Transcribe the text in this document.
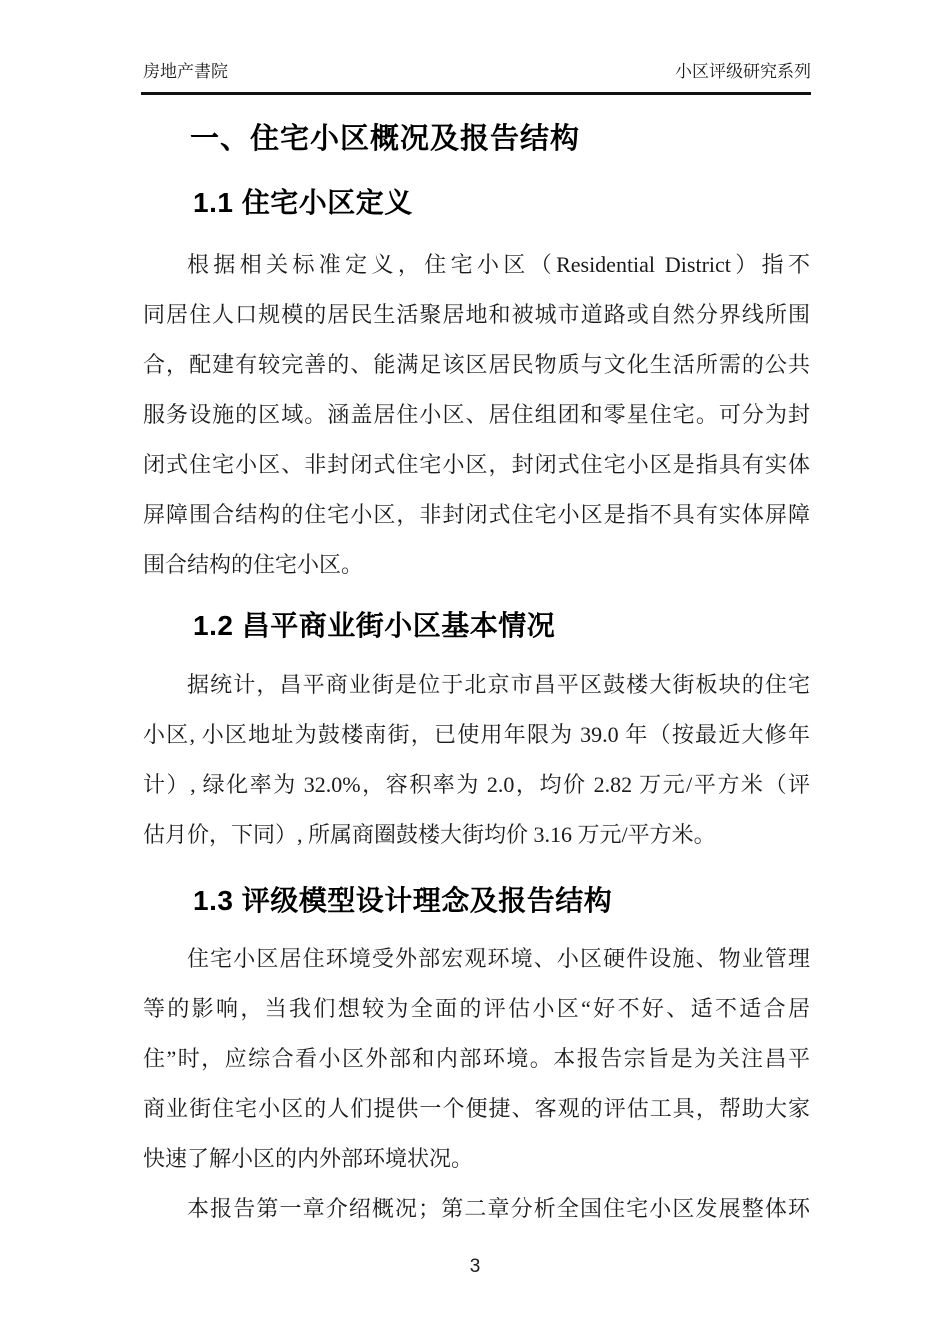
房地产書院	小区评级研究系列
一、住宅小区概况及报告结构
1.1 住宅小区定义
根据相关标准定义，住宅小区（Residential District）指不
同居住人口规模的居民生活聚居地和被城市道路或自然分界线所围
合，配建有较完善的、能满足该区居民物质与文化生活所需的公共
服务设施的区域。涵盖居住小区、居住组团和零星住宅。可分为封
闭式住宅小区、非封闭式住宅小区，封闭式住宅小区是指具有实体
屏障围合结构的住宅小区，非封闭式住宅小区是指不具有实体屏障
围合结构的住宅小区。
1.2 昌平商业街小区基本情况
据统计，昌平商业街是位于北京市昌平区鼓楼大街板块的住宅
小区, 小区地址为鼓楼南街，已使用年限为 39.0 年（按最近大修年
计）, 绿化率为 32.0%，容积率为 2.0，均价 2.82 万元/平方米（评
估月价，下同）, 所属商圈鼓楼大街均价 3.16 万元/平方米。
1.3 评级模型设计理念及报告结构
住宅小区居住环境受外部宏观环境、小区硬件设施、物业管理
等的影响，当我们想较为全面的评估小区“好不好、适不适合居
住”时，应综合看小区外部和内部环境。本报告宗旨是为关注昌平
商业街住宅小区的人们提供一个便捷、客观的评估工具，帮助大家
快速了解小区的内外部环境状况。
本报告第一章介绍概况；第二章分析全国住宅小区发展整体环
3
